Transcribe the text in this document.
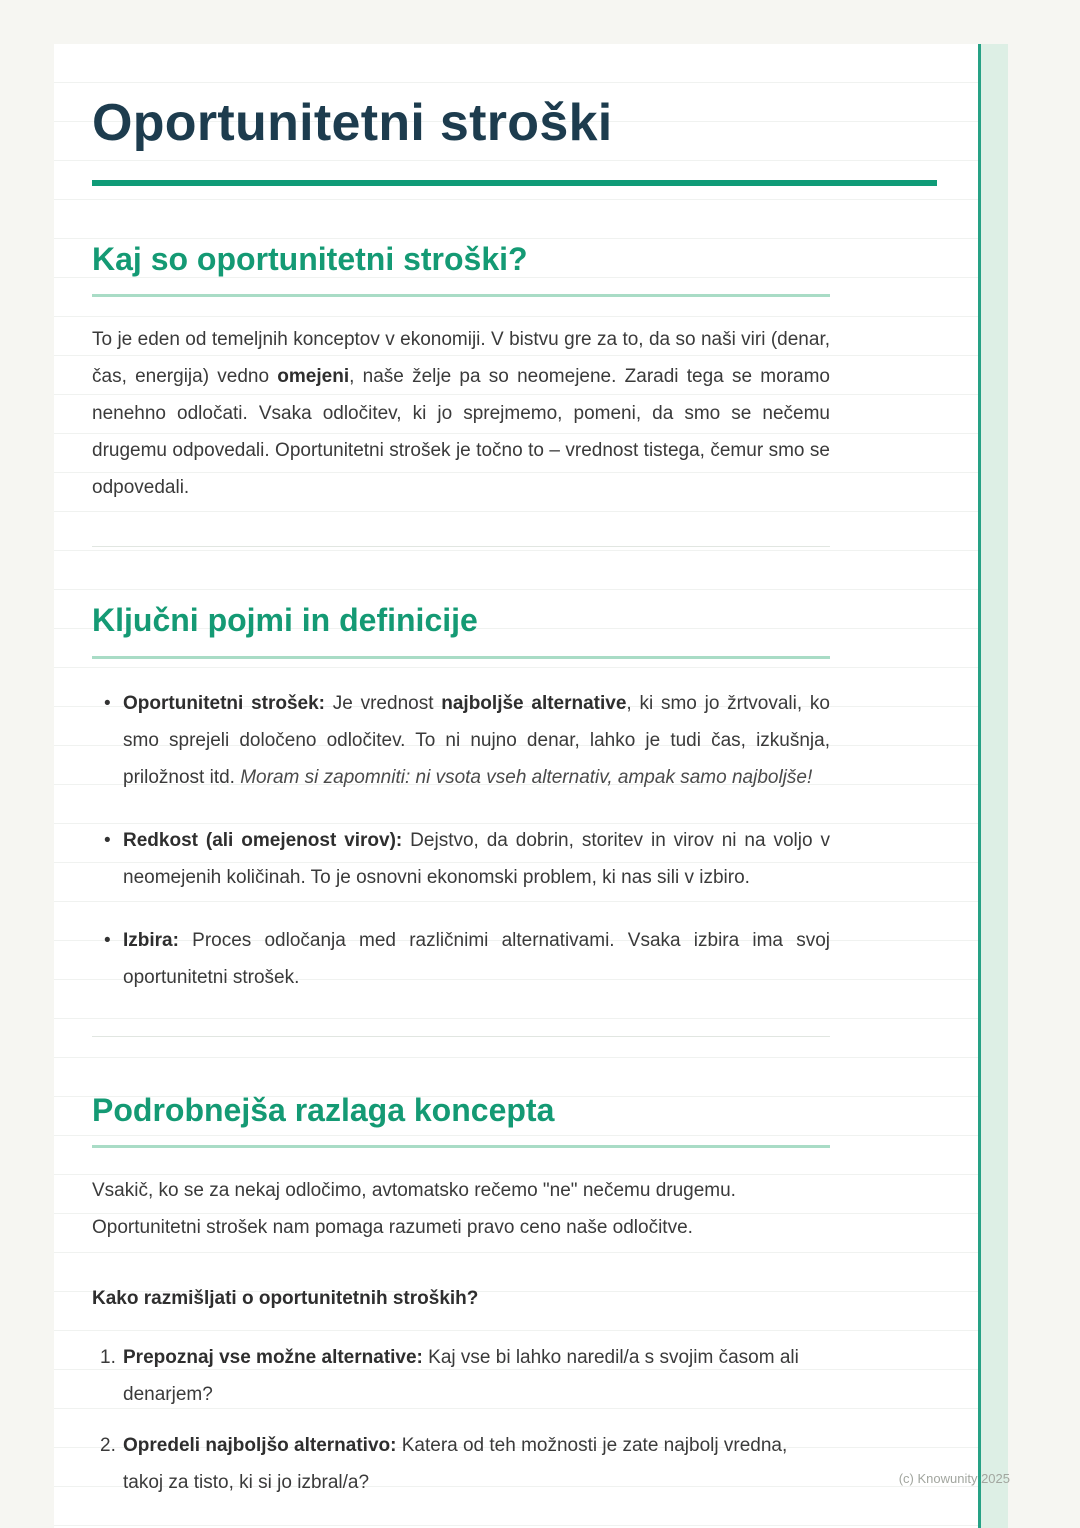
Oportunitetni stroški
Kaj so oportunitetni stroški?

To je eden od temeljnih konceptov v ekonomiji. V bistvu gre za to, da so naši viri (denar, čas, energija) vedno omejeni, naše želje pa so neomejene. Zaradi tega se moramo nenehno odločati. Vsaka odločitev, ki jo sprejmemo, pomeni, da smo se nečemu drugemu odpovedali. Oportunitetni strošek je točno to – vrednost tistega, čemur smo se odpovedali.

Ključni pojmi in definicije
• Oportunitetni strošek: Je vrednost najboljše alternative, ki smo jo žrtvovali, ko smo sprejeli določeno odločitev. To ni nujno denar, lahko je tudi čas, izkušnja, priložnost itd. Moram si zapomniti: ni vsota vseh alternativ, ampak samo najboljše!

• Redkost (ali omejenost virov): Dejstvo, da dobrin, storitev in virov ni na voljo v neomejenih količinah. To je osnovni ekonomski problem, ki nas sili v izbiro.

• Izbira: Proces odločanja med različnimi alternativami. Vsaka izbira ima svoj oportunitetni strošek.

Podrobnejša razlaga koncepta

Vsakič, ko se za nekaj odločimo, avtomatsko rečemo "ne" nečemu drugemu. Oportunitetni strošek nam pomaga razumeti pravo ceno naše odločitve.

Kako razmišljati o oportunitetnih stroških?

1. Prepoznaj vse možne alternative: Kaj vse bi lahko naredil/a s svojim časom ali denarjem?

2. Opredeli najboljšo alternativo: Katera od teh možnosti je zate najbolj vredna, takoj za tisto, ki si jo izbral/a?	(c) Knowunity 2025
